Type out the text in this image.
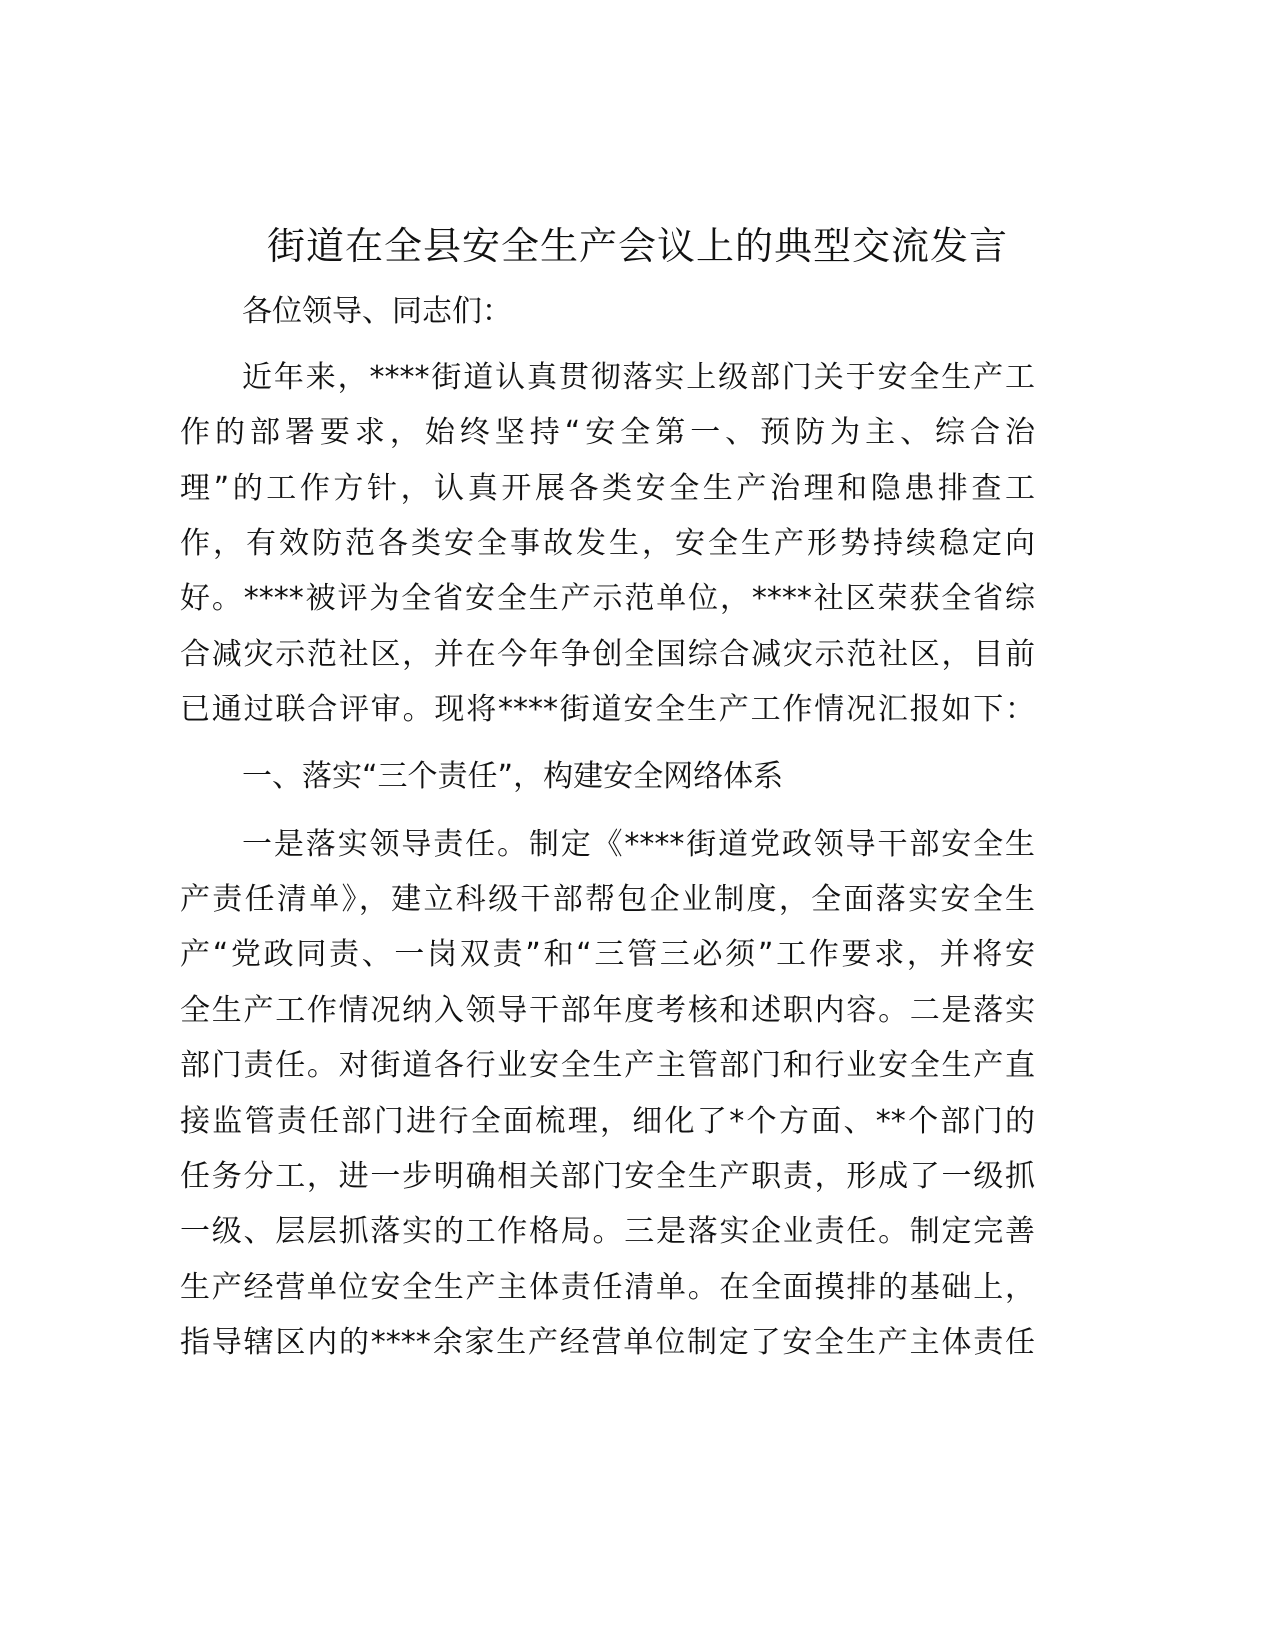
街道在全县安全生产会议上的典型交流发言
各位领导、同志们：
近年来，****街道认真贯彻落实上级部门关于安全生产工
作的部署要求，始终坚持“安全第一、预防为主、综合治
理”的工作方针，认真开展各类安全生产治理和隐患排查工
作，有效防范各类安全事故发生，安全生产形势持续稳定向
好。****被评为全省安全生产示范单位，****社区荣获全省综
合减灾示范社区，并在今年争创全国综合减灾示范社区，目前
已通过联合评审。现将****街道安全生产工作情况汇报如下：
一、落实“三个责任”，构建安全网络体系
一是落实领导责任。制定《****街道党政领导干部安全生
产责任清单》，建立科级干部帮包企业制度，全面落实安全生
产“党政同责、一岗双责”和“三管三必须”工作要求，并将安
全生产工作情况纳入领导干部年度考核和述职内容。二是落实
部门责任。对街道各行业安全生产主管部门和行业安全生产直
接监管责任部门进行全面梳理，细化了*个方面、**个部门的
任务分工，进一步明确相关部门安全生产职责，形成了一级抓
一级、层层抓落实的工作格局。三是落实企业责任。制定完善
生产经营单位安全生产主体责任清单。在全面摸排的基础上，
指导辖区内的****余家生产经营单位制定了安全生产主体责任
